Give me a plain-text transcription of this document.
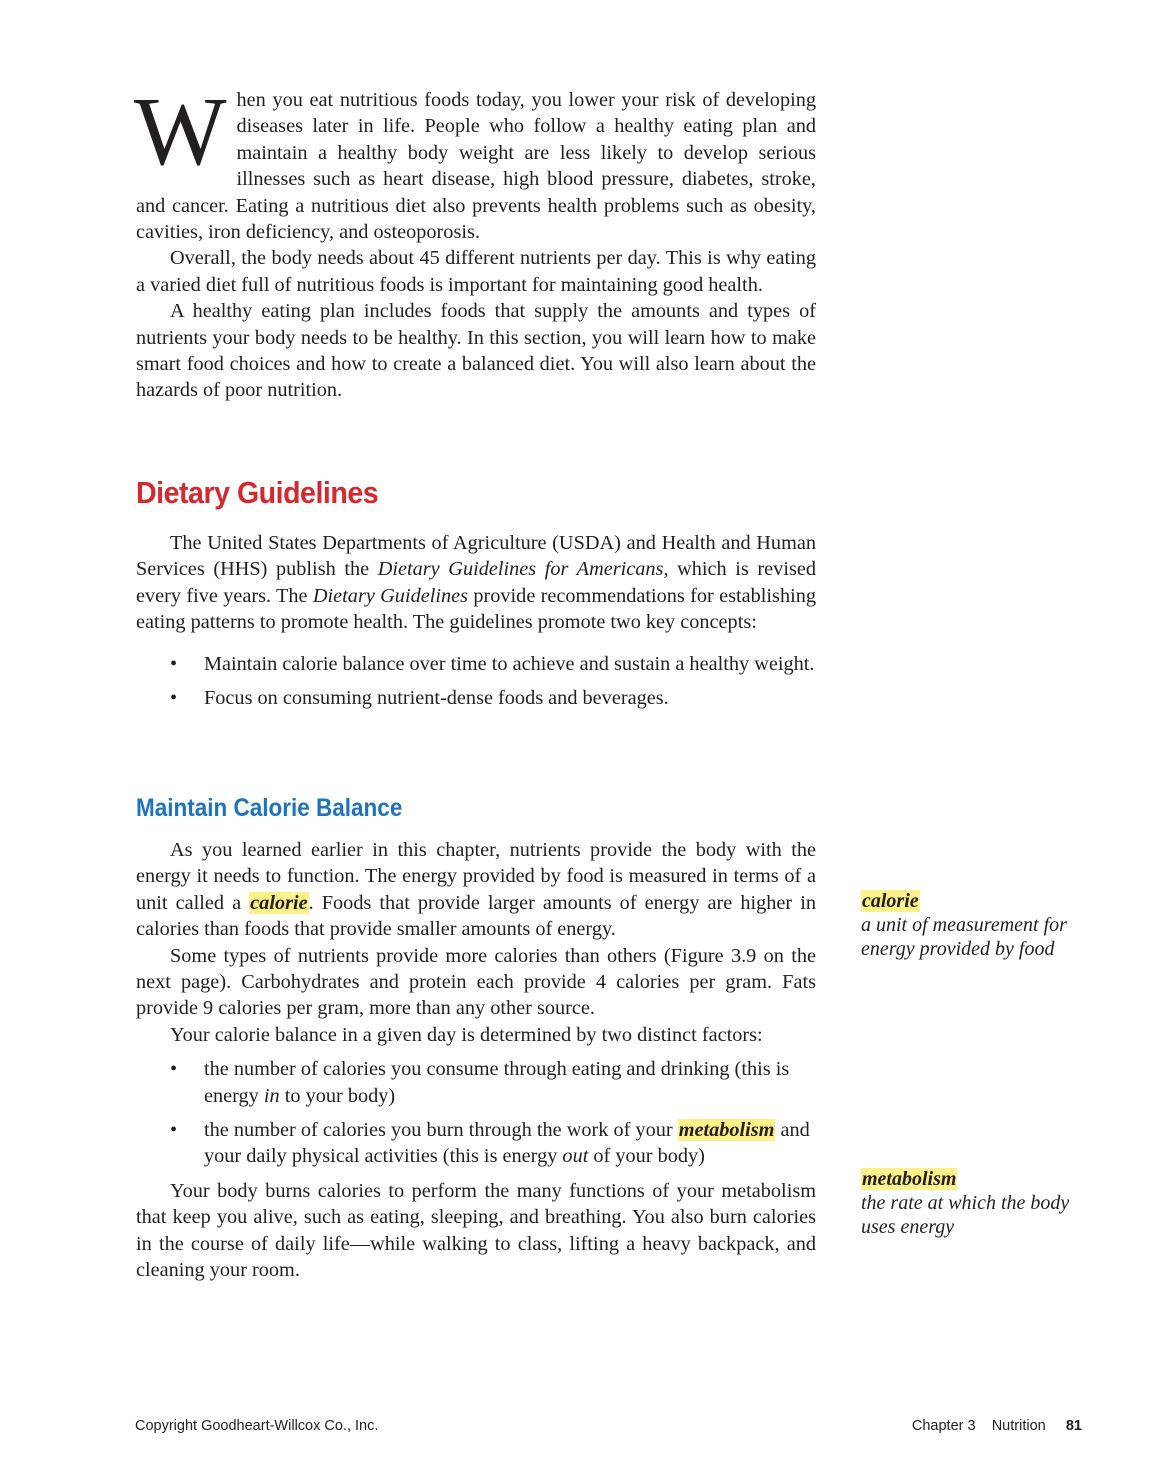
When you eat nutritious foods today, you lower your risk of developing diseases later in life. People who follow a healthy eating plan and maintain a healthy body weight are less likely to develop serious illnesses such as heart disease, high blood pressure, diabetes, stroke, and cancer. Eating a nutritious diet also prevents health problems such as obesity, cavities, iron deficiency, and osteoporosis.

Overall, the body needs about 45 different nutrients per day. This is why eating a varied diet full of nutritious foods is important for maintaining good health.

A healthy eating plan includes foods that supply the amounts and types of nutrients your body needs to be healthy. In this section, you will learn how to make smart food choices and how to create a balanced diet. You will also learn about the hazards of poor nutrition.

Dietary Guidelines

The United States Departments of Agriculture (USDA) and Health and Human Services (HHS) publish the Dietary Guidelines for Americans, which is revised every five years. The Dietary Guidelines provide recommendations for establishing eating patterns to promote health. The guidelines promote two key concepts:

• Maintain calorie balance over time to achieve and sustain a healthy weight.
• Focus on consuming nutrient-dense foods and beverages.
Maintain Calorie Balance

As you learned earlier in this chapter, nutrients provide the body with the energy it needs to function. The energy provided by food is measured in terms of a unit called a calorie. Foods that provide larger amounts of energy are higher in calories than foods that provide smaller amounts of energy.

Some types of nutrients provide more calories than others (Figure 3.9 on the next page). Carbohydrates and protein each provide 4 calories per gram. Fats provide 9 calories per gram, more than any other source.

Your calorie balance in a given day is determined by two distinct factors:

• the number of calories you consume through eating and drinking (this is energy in to your body)
• the number of calories you burn through the work of your metabolism and your daily physical activities (this is energy out of your body)

Your body burns calories to perform the many functions of your metabolism that keep you alive, such as eating, sleeping, and breathing. You also burn calories in the course of daily life—while walking to class, lifting a heavy backpack, and cleaning your room.

calorie
a unit of measurement for energy provided by food
metabolism
the rate at which the body uses energy
Copyright Goodheart-Willcox Co., Inc.	Chapter 3 Nutrition 81
